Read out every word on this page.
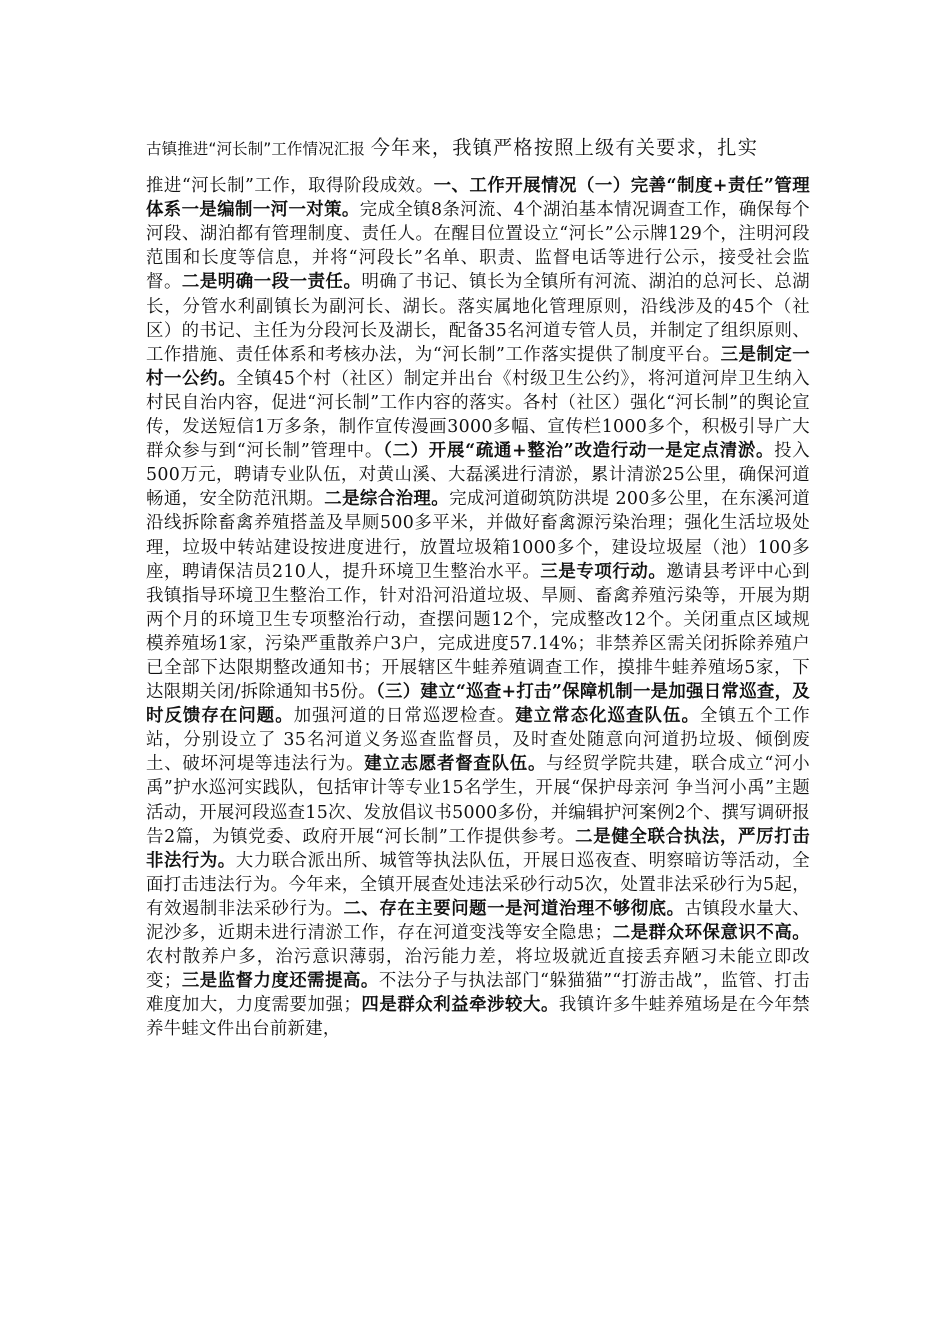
古镇推进“河长制”工作情况汇报 今年来，我镇严格按照上级有关要求，扎实

推进“河长制”工作，取得阶段成效。一、工作开展情况（一）完善“制度+责任”管理体系一是编制一河一对策。完成全镇8条河流、4个湖泊基本情况调查工作，确保每个河段、湖泊都有管理制度、责任人。在醒目位置设立“河长”公示牌129个，注明河段范围和长度等信息，并将“河段长”名单、职责、监督电话等进行公示，接受社会监督。二是明确一段一责任。明确了书记、镇长为全镇所有河流、湖泊的总河长、总湖长，分管水利副镇长为副河长、湖长。落实属地化管理原则，沿线涉及的45个（社区）的书记、主任为分段河长及湖长，配备35名河道专管人员，并制定了组织原则、工作措施、责任体系和考核办法，为“河长制”工作落实提供了制度平台。三是制定一村一公约。全镇45个村（社区）制定并出台《村级卫生公约》，将河道河岸卫生纳入村民自治内容，促进“河长制”工作内容的落实。各村（社区）强化“河长制”的舆论宣传，发送短信1万多条，制作宣传漫画3000多幅、宣传栏1000多个，积极引导广大群众参与到“河长制”管理中。（二）开展“疏通+整治”改造行动一是定点清淤。投入500万元，聘请专业队伍，对黄山溪、大磊溪进行清淤，累计清淤25公里，确保河道畅通，安全防范汛期。二是综合治理。完成河道砌筑防洪堤 200多公里，在东溪河道沿线拆除畜禽养殖搭盖及旱厕500多平米，并做好畜禽源污染治理；强化生活垃圾处理，垃圾中转站建设按进度进行，放置垃圾箱1000多个，建设垃圾屋（池）100多座，聘请保洁员210人，提升环境卫生整治水平。三是专项行动。邀请县考评中心到我镇指导环境卫生整治工作，针对沿河沿道垃圾、旱厕、畜禽养殖污染等，开展为期两个月的环境卫生专项整治行动，查摆问题12个，完成整改12个。关闭重点区域规模养殖场1家，污染严重散养户3户，完成进度57.14%；非禁养区需关闭拆除养殖户已全部下达限期整改通知书；开展辖区牛蛙养殖调查工作，摸排牛蛙养殖场5家，下达限期关闭/拆除通知书5份。（三）建立“巡查+打击”保障机制一是加强日常巡查，及时反馈存在问题。加强河道的日常巡逻检查。建立常态化巡查队伍。全镇五个工作站，分别设立了 35名河道义务巡查监督员，及时查处随意向河道扔垃圾、倾倒废土、破坏河堤等违法行为。建立志愿者督查队伍。与经贸学院共建，联合成立“河小禹”护水巡河实践队，包括审计等专业15名学生，开展“保护母亲河 争当河小禹”主题活动，开展河段巡查15次、发放倡议书5000多份，并编辑护河案例2个、撰写调研报告2篇，为镇党委、政府开展“河长制”工作提供参考。二是健全联合执法，严厉打击非法行为。大力联合派出所、城管等执法队伍，开展日巡夜查、明察暗访等活动，全面打击违法行为。今年来，全镇开展查处违法采砂行动5次，处置非法采砂行为5起，有效遏制非法采砂行为。二、存在主要问题一是河道治理不够彻底。古镇段水量大、泥沙多，近期未进行清淤工作，存在河道变浅等安全隐患；二是群众环保意识不高。农村散养户多，治污意识薄弱，治污能力差，将垃圾就近直接丢弃陋习未能立即改变；三是监督力度还需提高。不法分子与执法部门“躲猫猫”“打游击战”，监管、打击难度加大，力度需要加强；四是群众利益牵涉较大。我镇许多牛蛙养殖场是在今年禁养牛蛙文件出台前新建，
